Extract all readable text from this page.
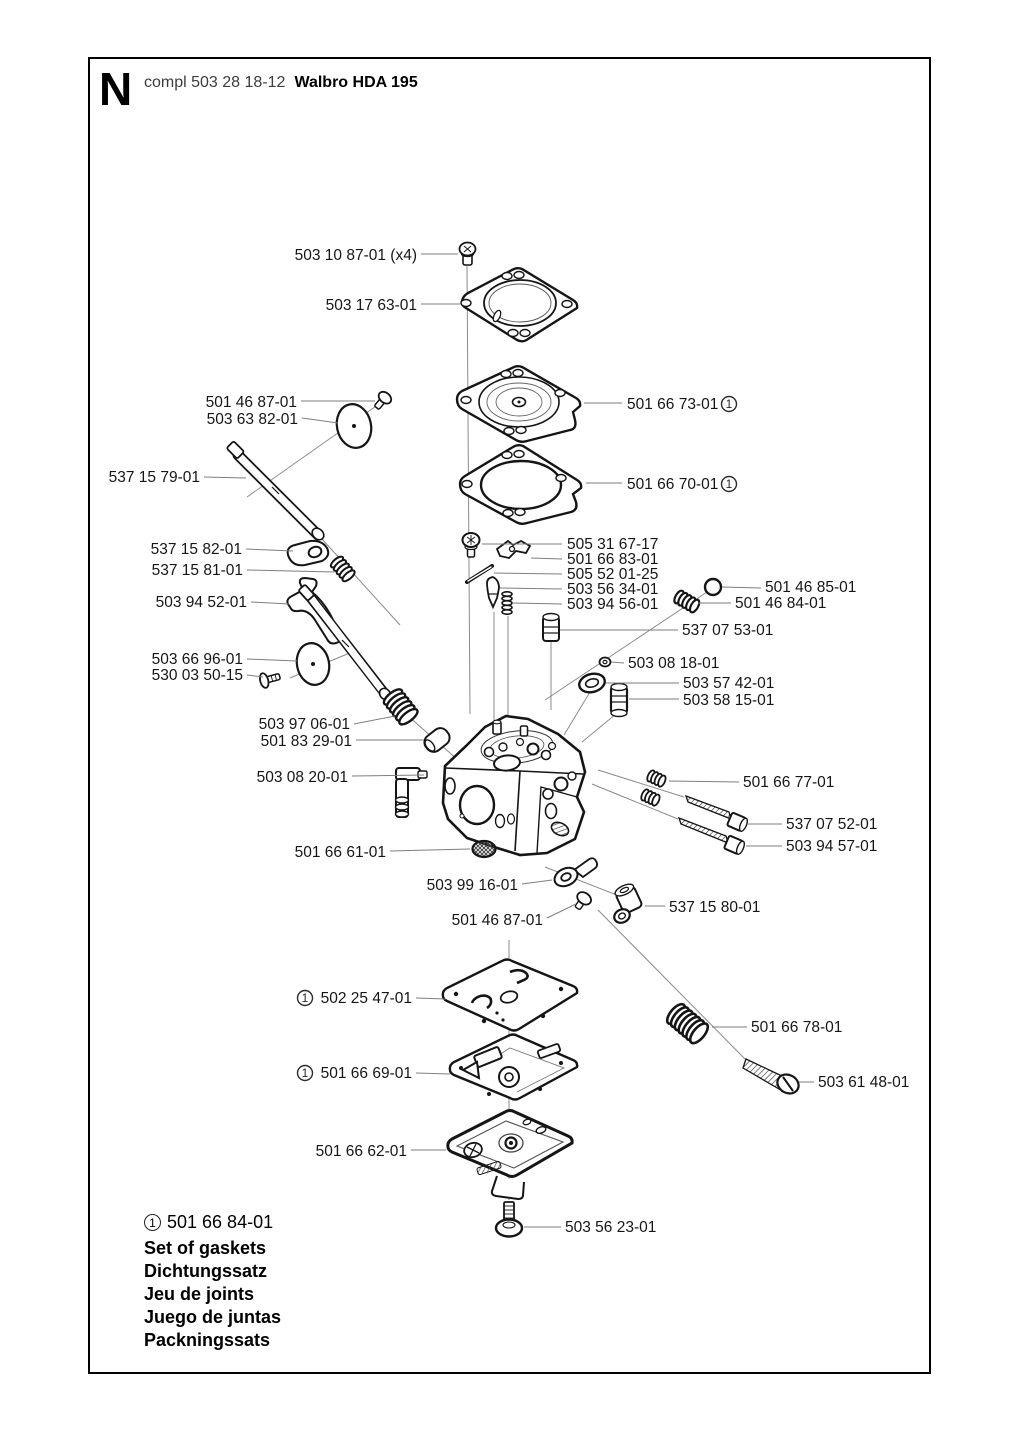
N compl 503 28 18-12 Walbro HDA 195
503 10 87-01 (x4)
503 17 63-01
501 46 87-01
503 63 82-01
537 15 79-01
537 15 82-01
537 15 81-01
503 94 52-01
503 66 96-01
530 03 50-15
503 97 06-01
501 83 29-01
503 08 20-01
501 66 61-01
503 99 16-01
501 46 87-01
502 25 47-01
1
501 66 69-01
1
501 66 62-01
501 66 73-01 1
501 66 70-01 1
505 31 67-17
501 66 83-01
505 52 01-25
503 56 34-01
503 94 56-01
501 46 85-01
501 46 84-01
537 07 53-01
503 08 18-01
503 57 42-01
503 58 15-01
501 66 77-01
537 07 52-01
503 94 57-01
537 15 80-01
501 66 78-01
503 61 48-01
503 56 23-01
1 501 66 84-01
Set of gaskets
Dichtungssatz
Jeu de joints
Juego de juntas
Packningssats
